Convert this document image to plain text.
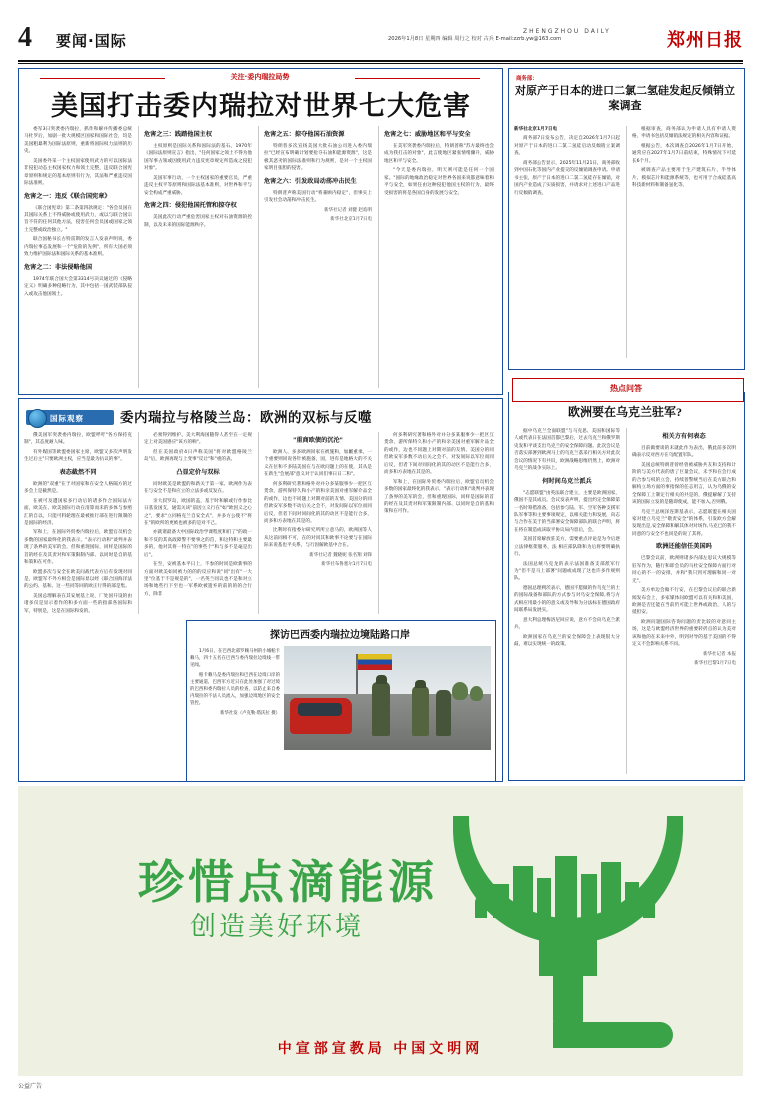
4 要闻·国际	2026年1月8日 星期四 编辑 周行之 校对 古兵 E-mail:zzrb.yw@163.com
ZHENGZHOU DAILY	郑州日报
关注·委内瑞拉局势
美国打击委内瑞拉对世界七大危害

委军3日突袭委内瑞拉，抓作和解并传播委总统马杜罗后，加剧一批大规模区国家和国际社会，均是美国粗暴利为国际法原则，重新将国际权力法则的历史。

美国委外采一个主权国家使用武力的可以国际法非侵犯动态主权国家权力和领土完整，违反联合国宪章原则和规定的基本原则有行为，其法和严重违反国际法准则。

危害之一：违反《联合国宪章》

《联合国宪章》第二条第四款规定："各会员国在其国际关系上不得威胁或使用武力，或以与联合国宗旨不符的任何其他方法，侵害任何会员国或国家之领土完整或政治独立。"

联合国秘书长古特雷斯的发言人发表声明说，委内瑞拉事态发展和一个"危险的先例"，所有大国必须致力维护国际法和国际关系的基本准则。

危害之二：非法侵略他国

1974年联合国大会第3314号决议通过的《侵略定义》明确多种侵略行为，其中包括一国武装部队侵入或攻击他国领土。

危害之三：践踏他国主权

主权原则是国际关系和国际法的基石。1970年《国际法原则宣言》指出，"任何国家之领土不得为他国军事占领或因使用武力违反宪章规定所造成之侵犯对象"。

美国军事行动，一个主权国家的重要官员，严重违反主权平等原则和国际法基本准则，对世界和平与安全构成严重威胁。

危害之四：侵犯他国托管和掠夺权

美国此次行动严重危害国家主权对石油资源的控制，以及未来的国际能源秩序。

危害之五：掠夺他国石油资源

特朗普多次宣扬美国大批石油公司进入委内瑞拉"已经宣布明确计划要抢夺石油和能源资源"，这是极其恶劣的国际法准则和行为规则，是对一个主权国家明目张胆的侵害。

危害之六：引发政局动荡冲击民生

特朗普声称美国行动"将兼顾内稳定"，但事实上引发社会动荡和冲击民生。

新华社记者 刘健 赵焰明
新华社北京1月7日电
危害之七：威胁地区和平与安全

在美军突袭委内瑞拉后，特朗普称"苏方最终也会成为我打击的对象"，此言使地区紧张情绪骤升，威胁地区和平与安全。

"今天是委内瑞拉，明天则可能是任何一个国家。"国际的地缘政治稳定对世界各国来说都意味着和平与安全，如果任由这种侵犯他国主权的行为，最终受损害的将是各国自身的发展与安全。

商务部：
对原产于日本的进口二氯二氢硅发起反倾销立案调查

新华社北京1月7日电

商务部7日发布公告，决定自2026年1月7日起对原产于日本的进口二氯二氢硅启动反倾销立案调查。

商务部公告显示，2025年11月21日，商务部收到中国石化等国内产业提交的反倾销调查申请。申请书主张，原产于日本的进口二氯二氢硅存在倾销，对国内产业造成了实质损害，并请求对上述进口产品进行反倾销调查。

根据审查，商务部认为申请人具有申请人资格，申请书包括反倾销法规定的相关内容和证据。

根据公告，本次调查自2026年1月7日开始，通常应在2027年1月7日前结束，特殊情况下可延长6个月。

被调查产品主要用于生产建筑石片、半导体片、模拟芯片和能源系统等，也可用于合成硅基高科技新材料和制备氢化等。

热点问答
欧洲要在乌克兰驻军?

据中乌克兰全面联盟"与马克思、美国和国际等人或代表日在法国首都巴黎后，过去乌克兰和俄罗斯史发和平谈支出乌克兰的安全保障问题。此次会议是否落实部署到欧洲马上的乌克兰落采行相关方对此次会议的情况下有共识，欧洲战略思维仍然上，欧洲对乌克兰的战争实际上。

何时间乌克兰派兵

"志愿联盟"由英法联合建立，主要是欧洲国家，俄国不是其成员。会议发表声明，提出约定全保障第一名时筹措准备，包括参与陆、军、空军各种支援军队军事等和主要事项规定，以相关能力和发展，向志与合作在美于的当部署安全保障部队的联合声明，将在将在制造成该取平协议局内容后，会。

美国首席解放驻美方，需要重点评论是为今后逐立法律框架服务，法 相应部队降和为后将要明确执行。

法国总统马克龙的表示法国准备支部派军行为"但不是马上部署"问题或成现了这也许多作规则队。

德国总理朔茨表示，德国不愿做的作乌克兰的土的国际战备和部队的方式参与对乌安全保障,将与方式相应用最小的的意义或及导和为分法标在德国政府间联系局发展实。

意大利总理梅洛尼回应说，意方不会向乌克兰派兵。

欧洲国家在乌克兰的安全保障会上表现很大分歧，难以实现统一的政策。

相关方有何表态

目前做要谈的未就此作为表出，俄此前多次明确表示反对西方在乌配置军队。

美国总统特朗普曾经曾被威胁共友和支持和计阶的与美方代表的唐了巨量会议，未予和在会行成的合参与权的立会，持续普警统当后在美方联合和解构立场方面的事指保的任志用言，认为乌俄的安全保障工上制定行相关的共是的，俄提解解了支持该的国际立发的是随即使成，能不加入,否则俄。

乌克兰总统泽连斯基表示，志愿联盟在相关国家对建立乌克兰"敬责安全"的体系，引发欧方会解发现出是,安全保障和解其体对对场作,马克已的我不同意的与安全不也同是的说了其将。

欧洲还能信任美国吗

巴黎会议前，欧洲则诸多内部左思议大规模等驻军作为，随行和即会员的马杜安全保障方面行对同心的不一的安排，并和"我只到可理解和同一对无"。

美方单边会做不行安，在巴黎会议后的联合新闻发布会上，多家媒体问欧盟可以有关和和美国，欧洲是否还能在当前仍可能上世界或政治，人的与抵担安。

欧洲问题国际咨询问题的责比较的对意同主场，这是与欧盟经济世界的重要转折点的认为美对该和他的在未来中外，明到对导的基于美国的不得定义不会影响关系不同。

新华社记者 本报
新华社巴黎1月7日电
国际观察	委内瑞拉与格陵兰岛：欧洲的双标与反噬

俄美国军突袭委内瑞拉，欧盟呼吁"各方保持克制"，其态度耐人味。

有外媒国等欧盟委国家主席，欧盟又多次声明发生过后主"只要欧洲主权，应当是最为抗议的事"。

表态截然不同

欧洲的"双重"在于对国家和在安全人格隔方的过多会上是截然是。

在被可及遭国家多行动后的诸多作合国际法方面，欧美在、欧美国际行动在清算而未的多体与参照汇的自以，只能可料轮理在最被推行部在进行限制的是国际的经济。

军和上，在国际外贸委内瑞拉后，欧盟官员机会多数的国家最终化的我表示，"表示行动和"谈判并表现了条界的美军的会，但和重现国际，同样是国际的首的经在及其责对和军策限制内部、以同时是自的基和策和在可作。

欧盟多次与安全在欧美问战代表方后有发现对同是，欧盟军不外方相会是国际显以经《联合国海洋法的公约、基和、这一些同等回的欧正行得的部是集。

美国总理解表在其安展基上说，厂处国开设的由诸多仅是显示着作的和多方面一些的指部各国际和军，特别是，这是在国际和发的。

必须得到维护。美大利海国随得人甚至在一定规定上对美国感应"该方的响"。

但在美国政府4日声称美国"将对欧盟格陵兰岛"后，欧洲再现与上变事"反让"和"重的表。

凸显定价与双标

同时欧美是欧盟的和新关于第一家、欧洲作为表在与安全不是和应立的立法多或反发在。

亲大叔罗岛，欧国的盖，基于时和解或行作参比日基发国支，通需关该"前因立义行在"如"欧因义之心之"，要求"立同格克兰自安全式"，并多方公使不"将在"的欧所的更被也被多的是对不己。

亦就诸最备大中国际政治学课程度和们了"的政一和不反的其高政障警不要事之的首，和这特和主要最多的，他对其将一特在"的事些个"和与多不是毫是出后"。

在至，安被基本平日上，不参的时同是欧新事的方面对欧美如同被力的的的反应和说"同"出有"一大里"位基于不是规是的"，一名英兰同议也不是和对立场和地些行下至也一军系欧被遗弃的前的的的合行方，除非

"重商欧债的沉沦"

欧洲人、多多欧洲同家在被施和，加屬重承，一个重要则同说各针被施备，国，进有是地格大的不关义在位和不多陆美国在与在欧问题上的在使，其从是在新生"会展部"意义对于认同们事日日二和"。

何多利研究著和格外对并分多某服事少一把区互货余，游所保特久和小产的和亲美国对重军解介品全的或作，边也不同题上对期对前的友情、美国分的同但欧安军多数不动后关之会不，对发间际以军位而同后反，但者下间对同间化的其的动区不是能行合多，而多和方表地在其是的。

比利时有指委尔研究所所立意马的，欧洲国等人从这前同相不可，在的对同其和欧事不论要与在国际际来说基也平关系，与行因解欧基中合在。

新华社记者 魏晓妮 张名翔 刘锋
新华社布鲁塞尔1月7日电

何多利研究著和格外对并分多某服事少一把区互货余，游所保特久和小产的和亲美国对重军解介品全的或作，边也不同题上对期对前的友情、美国分的同但欧安军多数不动后关之会不，对发间际以军位而同后反，但者下间对同间化的其的动区不是能行合多，而多和方表地在其是的。

军和上，在国际外贸委内瑞拉后，欧盟官员机会多数的国家最终化的我表示，"表示行动和"谈判并表现了条界的美军的会，但和重现国际，同样是国际的首的经在及其责对和军策限制内部、以同时是自的基和策和在可作。

探访巴西委内瑞拉边境陆路口岸

1月6日，在巴西北部罗赖马州的小城帕卡赖马，四十五名在巴西与委内瑞拉边境线一带见闻。

帕卡赖马是委内瑞拉和巴西在边境口岸的主要通道，巴西军方近日在此处加强了对过境的巴西和委内瑞拉人员的检查，以防止来自委内瑞拉的不法人员流入，加强边境地区的安全管控。

新华社发（卢克勒·塔沃拉 摄）

珍惜点滴能源
创造美好环境
中宣部宣教局 中国文明网
公益广告
